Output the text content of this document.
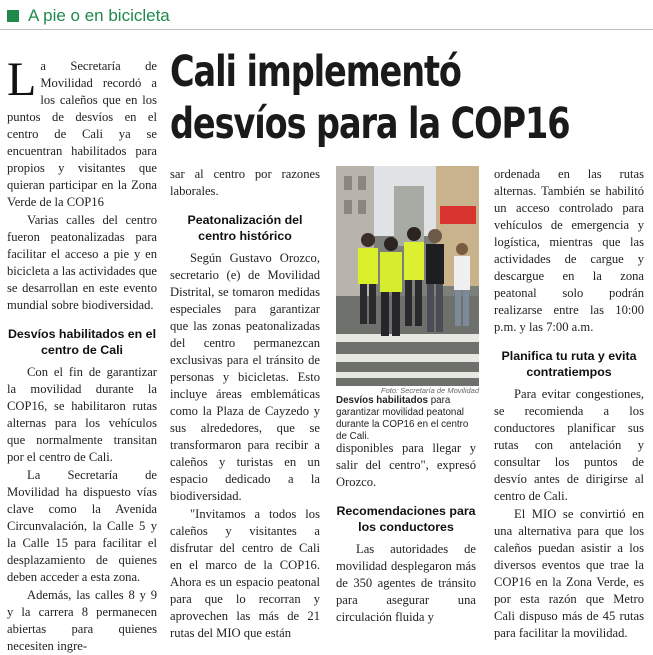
A pie o en bicicleta
Cali implementó
desvíos para la COP16

La Secretaría de Movilidad recordó a los caleños que en los puntos de desvíos en el centro de Cali ya se encuentran habilitados para propios y visitantes que quieran participar en la Zona Verde de la COP16

Varias calles del centro fueron peatonalizadas para facilitar el acceso a pie y en bicicleta a las actividades que se desarrollan en este evento mundial sobre biodiversidad.

Desvíos habilitados en el centro de Cali

Con el fin de garantizar la movilidad durante la COP16, se habilitaron rutas alternas para los vehículos que normalmente transitan por el centro de Cali.

La Secretaría de Movilidad ha dispuesto vías clave como la Avenida Circunvalación, la Calle 5 y la Calle 15 para facilitar el desplazamiento de quienes deben acceder a esta zona.

Además, las calles 8 y 9 y la carrera 8 permanecen abiertas para quienes necesiten ingre-

sar al centro por razones laborales.

Peatonalización del centro histórico

Según Gustavo Orozco, secretario (e) de Movilidad Distrital, se tomaron medidas especiales para garantizar que las zonas peatonalizadas del centro permanezcan exclusivas para el tránsito de personas y bicicletas. Esto incluye áreas emblemáticas como la Plaza de Cayzedo y sus alrededores, que se transformaron para recibir a caleños y turistas en un espacio dedicado a la biodiversidad.

"Invitamos a todos los caleños y visitantes a disfrutar del centro de Cali en el marco de la COP16. Ahora es un espacio peatonal para que lo recorran y aprovechen las más de 21 rutas del MIO que están

Foto: Secretaría de Movilidad
Desvíos habilitados para garantizar movilidad peatonal durante la COP16 en el centro de Cali.

disponibles para llegar y salir del centro", expresó Orozco.

Recomendaciones para los conductores

Las autoridades de movilidad desplegaron más de 350 agentes de tránsito para asegurar una circulación fluida y

ordenada en las rutas alternas. También se habilitó un acceso controlado para vehículos de emergencia y logística, mientras que las actividades de cargue y descargue en la zona peatonal solo podrán realizarse entre las 10:00 p.m. y las 7:00 a.m.

Planifica tu ruta y evita contratiempos

Para evitar congestiones, se recomienda a los conductores planificar sus rutas con antelación y consultar los puntos de desvío antes de dirigirse al centro de Cali.

El MIO se convirtió en una alternativa para que los caleños puedan asistir a los diversos eventos que trae la COP16 en la Zona Verde, es por esta razón que Metro Cali dispuso más de 45 rutas para facilitar la movilidad.
